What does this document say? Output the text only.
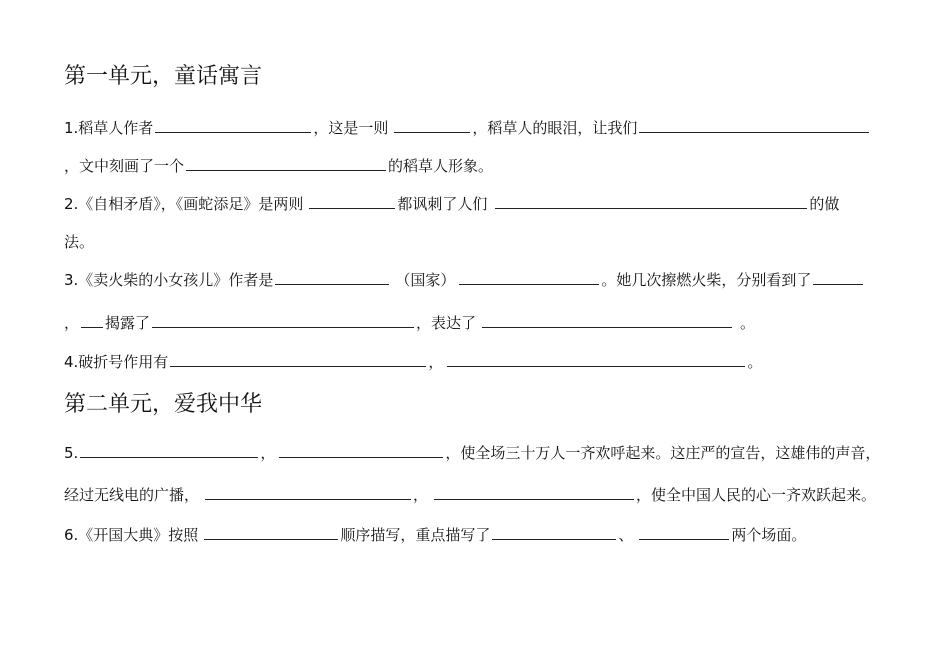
第一单元，童话寓言
1.稻草人作者	，这是一则	，稻草人的眼泪，让我们
，文中刻画了一个	的稻草人形象。
2.《自相矛盾》，《画蛇添足》是两则	都讽刺了人们	的做
法。
3.《卖火柴的小女孩儿》作者是	（国家）	。她几次擦燃火柴，分别看到了
， 揭露了	，表达了	。
4.破折号作用有	，	。
第二单元，爱我中华
5.	，	，使全场三十万人一齐欢呼起来。这庄严的宣告，这雄伟的声音，
经过无线电的广播，	，	，使全中国人民的心一齐欢跃起来。
6.《开国大典》按照	顺序描写，重点描写了	、	两个场面。
